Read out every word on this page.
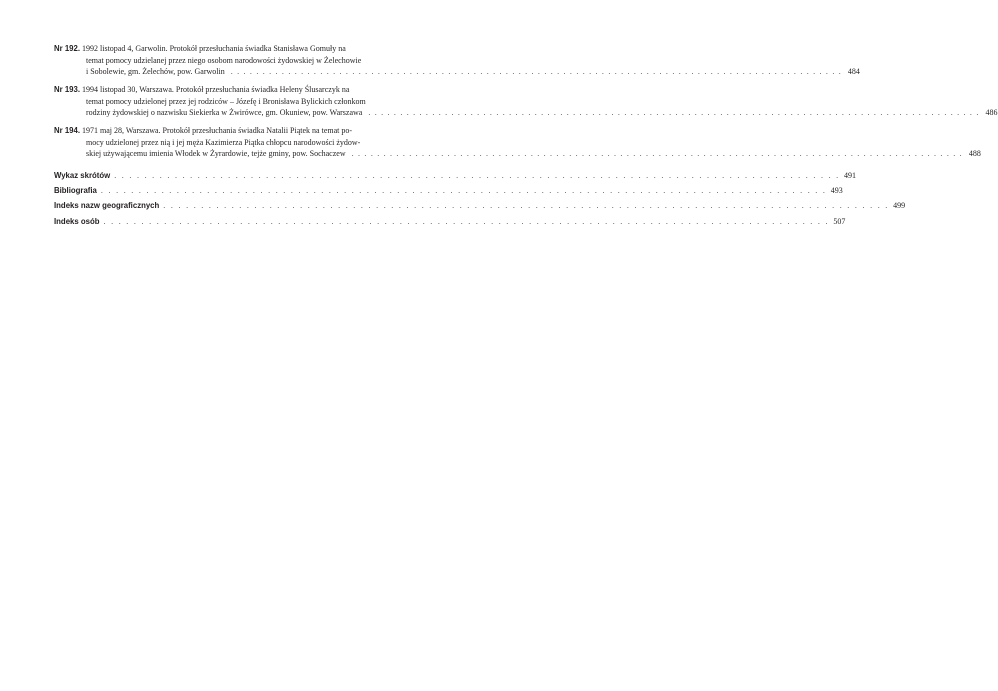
Nr 192. 1992 listopad 4, Garwolin. Protokół przesłuchania świadka Stanisława Gomuły na
temat pomocy udzielanej przez niego osobom narodowości żydowskiej w Żelechowie
i Sobolewie, gm. Żelechów, pow. Garwolin . . . . . . . . . . . . . . . . . . . . . . . . . . . . . . . . . . . . . . . . . . . . . . . . . . . . . . . . . . . . . . . . . . . . . . . . . . . . . . . . . . . . . . . . . . . . . . . . 484
Nr 193. 1994 listopad 30, Warszawa. Protokół przesłuchania świadka Heleny Ślusarczyk na
temat pomocy udzielonej przez jej rodziców – Józefę i Bronisława Bylickich członkom
rodziny żydowskiej o nazwisku Siekierka w Żwirówce, gm. Okuniew, pow. Warszawa . . . . . . . . . . . . . . . . . . . . . . . . . . . . . . . . . . . . . . . . . . . . . . . . . . . . . . . . . . . . . . . . . . . . . . . . . . . . . . . . . . . . . . . . . . . . . . . . 486
Nr 194. 1971 maj 28, Warszawa. Protokół przesłuchania świadka Natalii Piątek na temat po-
mocy udzielonej przez nią i jej męża Kazimierza Piątka chłopcu narodowości żydow-
skiej używającemu imienia Włodek w Żyrardowie, tejże gminy, pow. Sochaczew . . . . . . . . . . . . . . . . . . . . . . . . . . . . . . . . . . . . . . . . . . . . . . . . . . . . . . . . . . . . . . . . . . . . . . . . . . . . . . . . . . . . . . . . . . . . . . . . 488
Wykaz skrótów . . . . . . . . . . . . . . . . . . . . . . . . . . . . . . . . . . . . . . . . . . . . . . . . . . . . . . . . . . . . . . . . . . . . . . . . . . . . . . . . . . . . . . . . . . . . . . . . 491
Bibliografia . . . . . . . . . . . . . . . . . . . . . . . . . . . . . . . . . . . . . . . . . . . . . . . . . . . . . . . . . . . . . . . . . . . . . . . . . . . . . . . . . . . . . . . . . . . . . . . . 493
Indeks nazw geograficznych . . . . . . . . . . . . . . . . . . . . . . . . . . . . . . . . . . . . . . . . . . . . . . . . . . . . . . . . . . . . . . . . . . . . . . . . . . . . . . . . . . . . . . . . . . . . . . . . 499
Indeks osób . . . . . . . . . . . . . . . . . . . . . . . . . . . . . . . . . . . . . . . . . . . . . . . . . . . . . . . . . . . . . . . . . . . . . . . . . . . . . . . . . . . . . . . . . . . . . . . . 507
